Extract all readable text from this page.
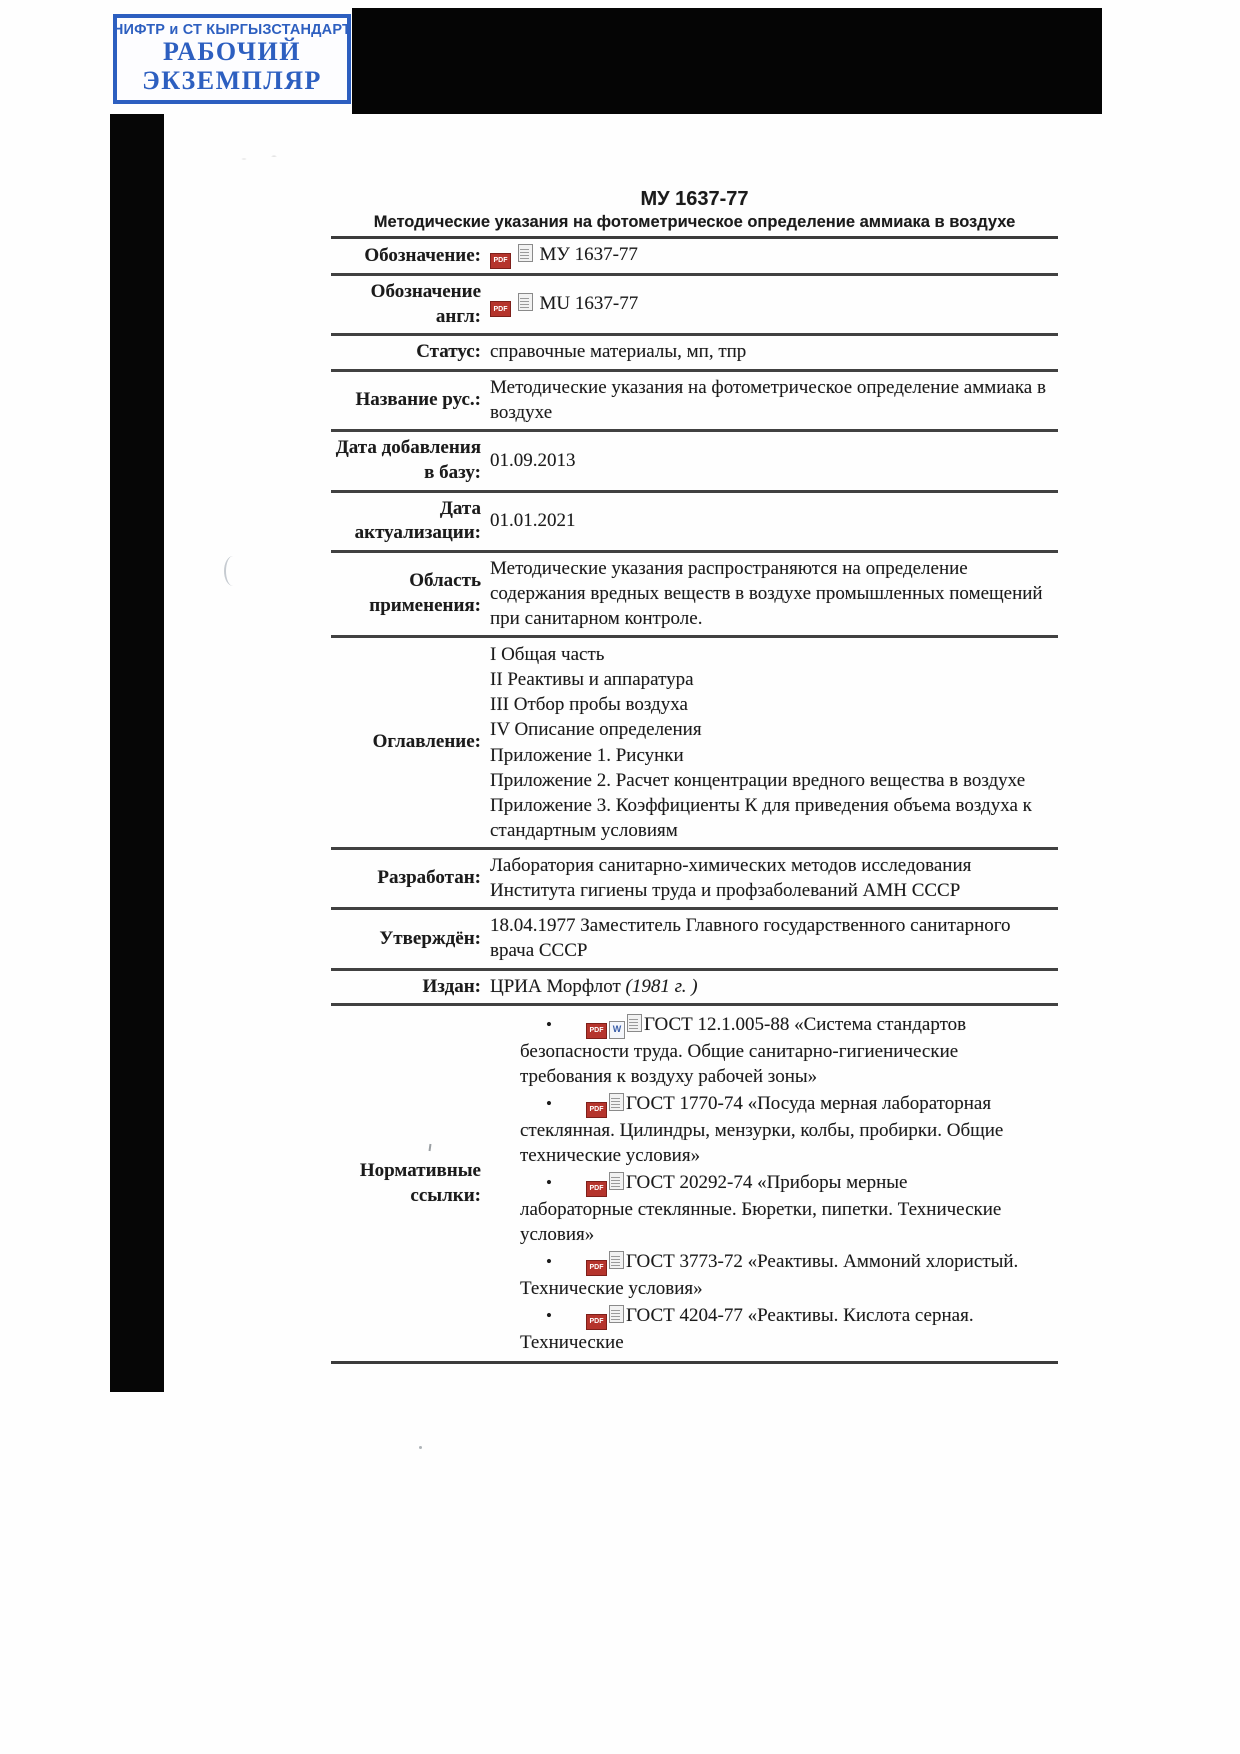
НИФТР и СТ КЫРГЫЗСТАНДАРТ
РАБОЧИЙ
ЭКЗЕМПЛЯР
МУ 1637-77
Методические указания на фотометрическое определение аммиака в воздухе
Обозначение:	PDF МУ 1637-77
Обозначение англ:	PDF MU 1637-77
Статус: справочные материалы, мп, тпр
Название рус.:
Методические указания на фотометрическое определение аммиака в воздухе
Дата добавления в базу:
01.09.2013
Дата актуализации:
01.01.2021
Область применения:
Методические указания распространяются на определение содержания вредных веществ в воздухе промышленных помещений при санитарном контроле.
Оглавление:
I Общая часть
II Реактивы и аппаратура
III Отбор пробы воздуха
IV Описание определения
Приложение 1. Рисунки
Приложение 2. Расчет концентрации вредного вещества в воздухе
Приложение 3. Коэффициенты К для приведения объема воздуха к стандартным условиям
Разработан:
Лаборатория санитарно-химических методов исследования Института гигиены труда и профзаболеваний АМН СССР
Утверждён:
18.04.1977 Заместитель Главного государственного санитарного врача СССР
Издан: ЦРИА Морфлот (1981 г. )
Нормативные ссылки:
•	PDF W ГОСТ 12.1.005-88 «Система стандартов безопасности труда. Общие санитарно-гигиенические требования к воздуху рабочей зоны»
•	PDF ГОСТ 1770-74 «Посуда мерная лабораторная стеклянная. Цилиндры, мензурки, колбы, пробирки. Общие технические условия»
•	PDF ГОСТ 20292-74 «Приборы мерные лабораторные стеклянные. Бюретки, пипетки. Технические условия»
•	PDF ГОСТ 3773-72 «Реактивы. Аммоний хлористый. Технические условия»
•	PDF ГОСТ 4204-77 «Реактивы. Кислота серная. Технические
